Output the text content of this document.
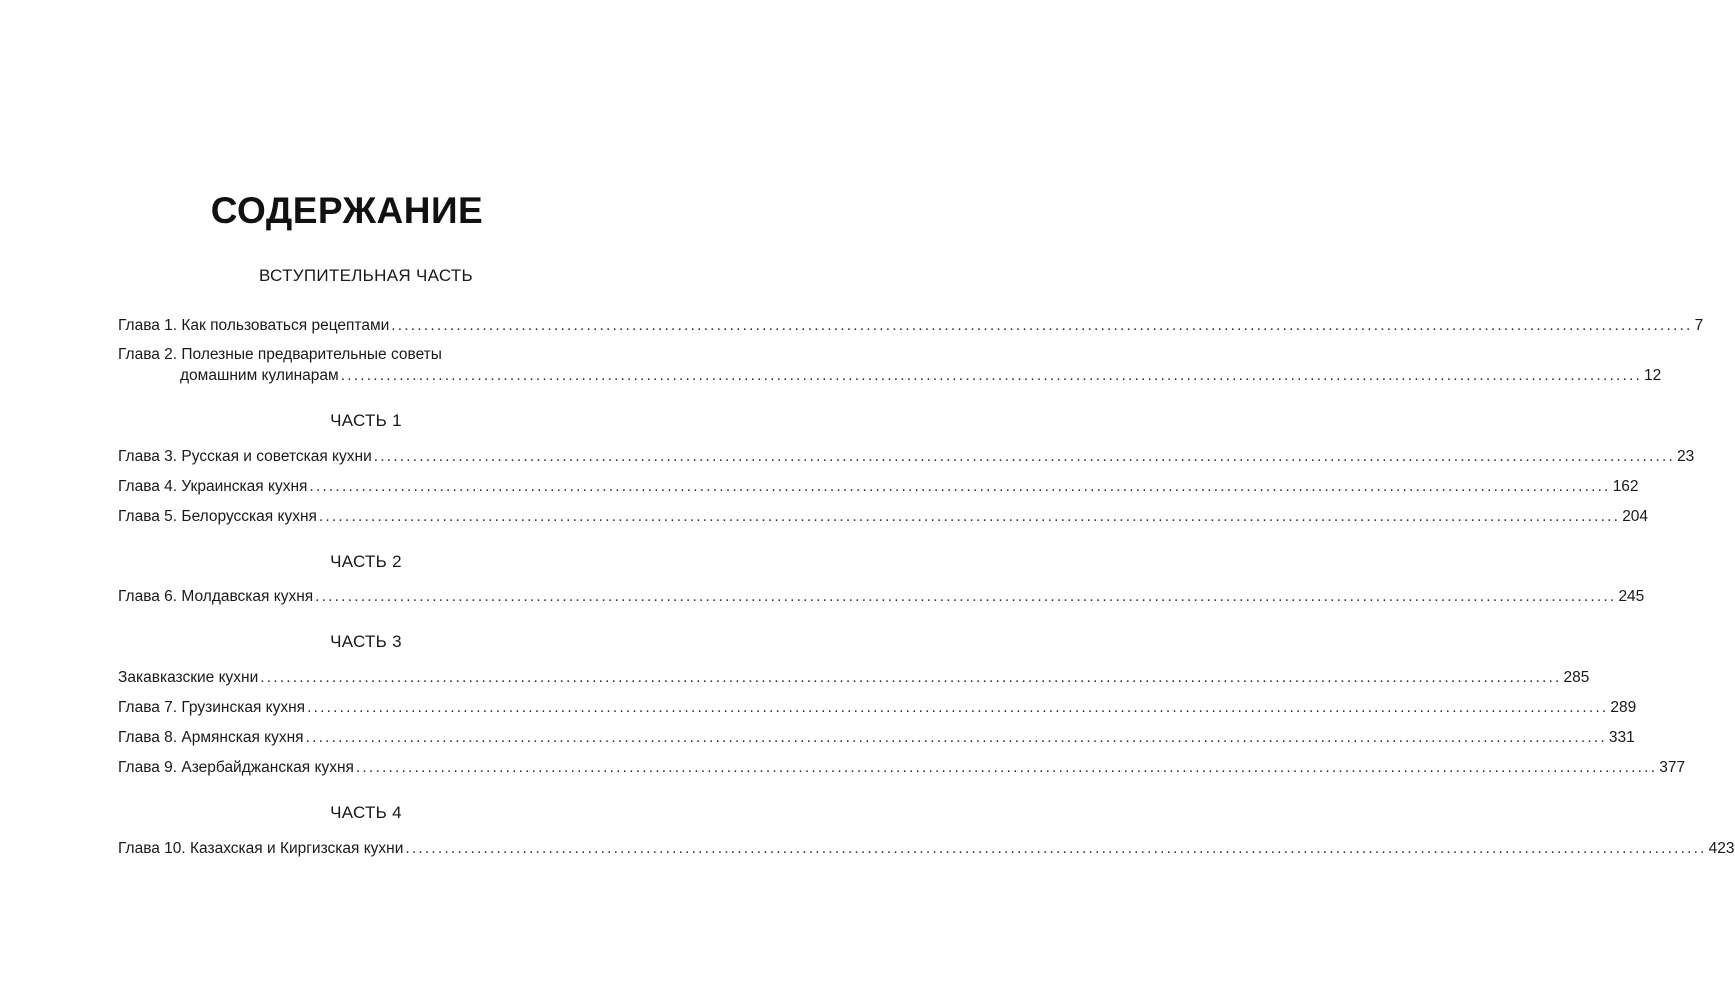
СОДЕРЖАНИЕ
ВСТУПИТЕЛЬНАЯ ЧАСТЬ
Глава 1. Как пользоваться рецептами ........................................................................................................................................................................................................ 7
Глава 2. Полезные предварительные советы
домашним кулинарам ........................................................................................................................................................................................................ 12
ЧАСТЬ 1
Глава 3. Русская и советская кухни ........................................................................................................................................................................................................ 23
Глава 4. Украинская кухня ........................................................................................................................................................................................................ 162
Глава 5. Белорусская кухня ........................................................................................................................................................................................................ 204
ЧАСТЬ 2
Глава 6. Молдавская кухня ........................................................................................................................................................................................................ 245
ЧАСТЬ 3
Закавказские кухни ........................................................................................................................................................................................................ 285
Глава 7. Грузинская кухня ........................................................................................................................................................................................................ 289
Глава 8. Армянская кухня ........................................................................................................................................................................................................ 331
Глава 9. Азербайджанская кухня ........................................................................................................................................................................................................ 377
ЧАСТЬ 4
Глава 10. Казахская и Киргизская кухни ........................................................................................................................................................................................................ 423
